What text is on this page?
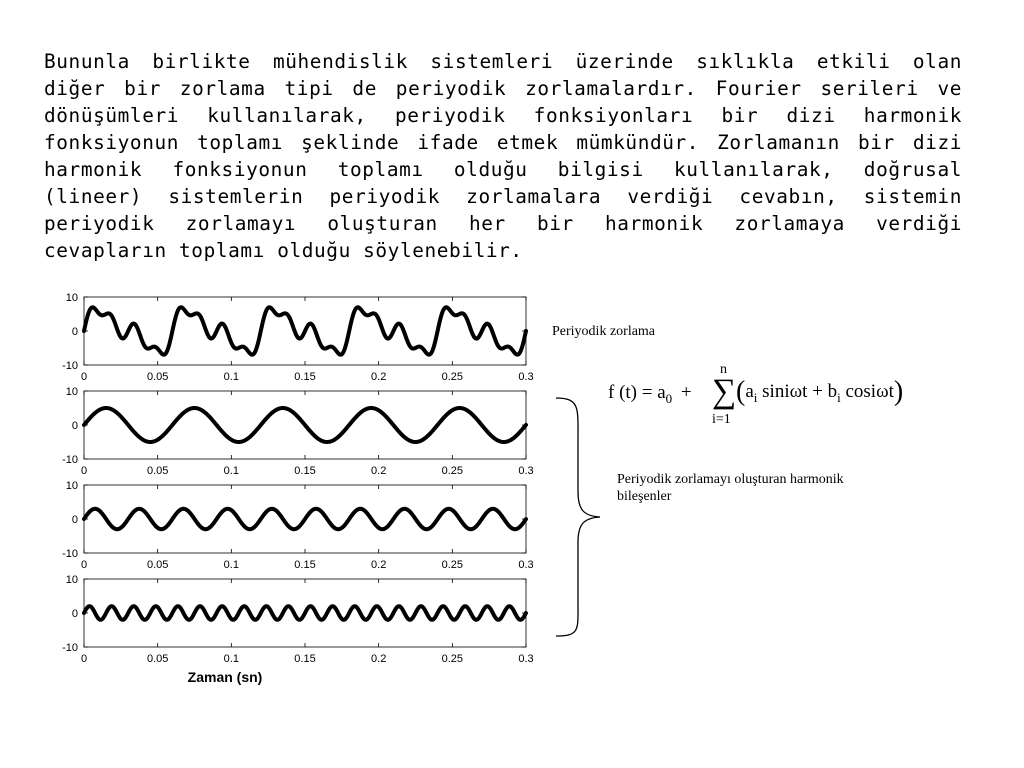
Bununla birlikte mühendislik sistemleri üzerinde sıklıkla etkili olan diğer bir zorlama tipi de periyodik zorlamalardır. Fourier serileri ve dönüşümleri kullanılarak, periyodik fonksiyonları bir dizi harmonik fonksiyonun toplamı şeklinde ifade etmek mümkündür. Zorlamanın bir dizi harmonik fonksiyonun toplamı olduğu bilgisi kullanılarak, doğrusal (lineer) sistemlerin periyodik zorlamalara verdiği cevabın, sistemin periyodik zorlamayı oluşturan her bir harmonik zorlamaya verdiği cevapların toplamı olduğu söylenebilir.
10
0
-10
0	0.05	0.1	0.15	0.2	0.25	0.3
10
0
-10
0	0.05	0.1	0.15	0.2	0.25	0.3
10
0
-10
0	0.05	0.1	0.15	0.2	0.25	0.3
10
0
-10
0	0.05	0.1	0.15	0.2	0.25	0.3
Zaman (sn)
Periyodik zorlama
Periyodik zorlamayı oluşturan harmonik bileşenler
f $(t) = a_0$ +
n
∑
i=1
($a_i$ $\sin i\omega t + b_i$ cosiωt)
